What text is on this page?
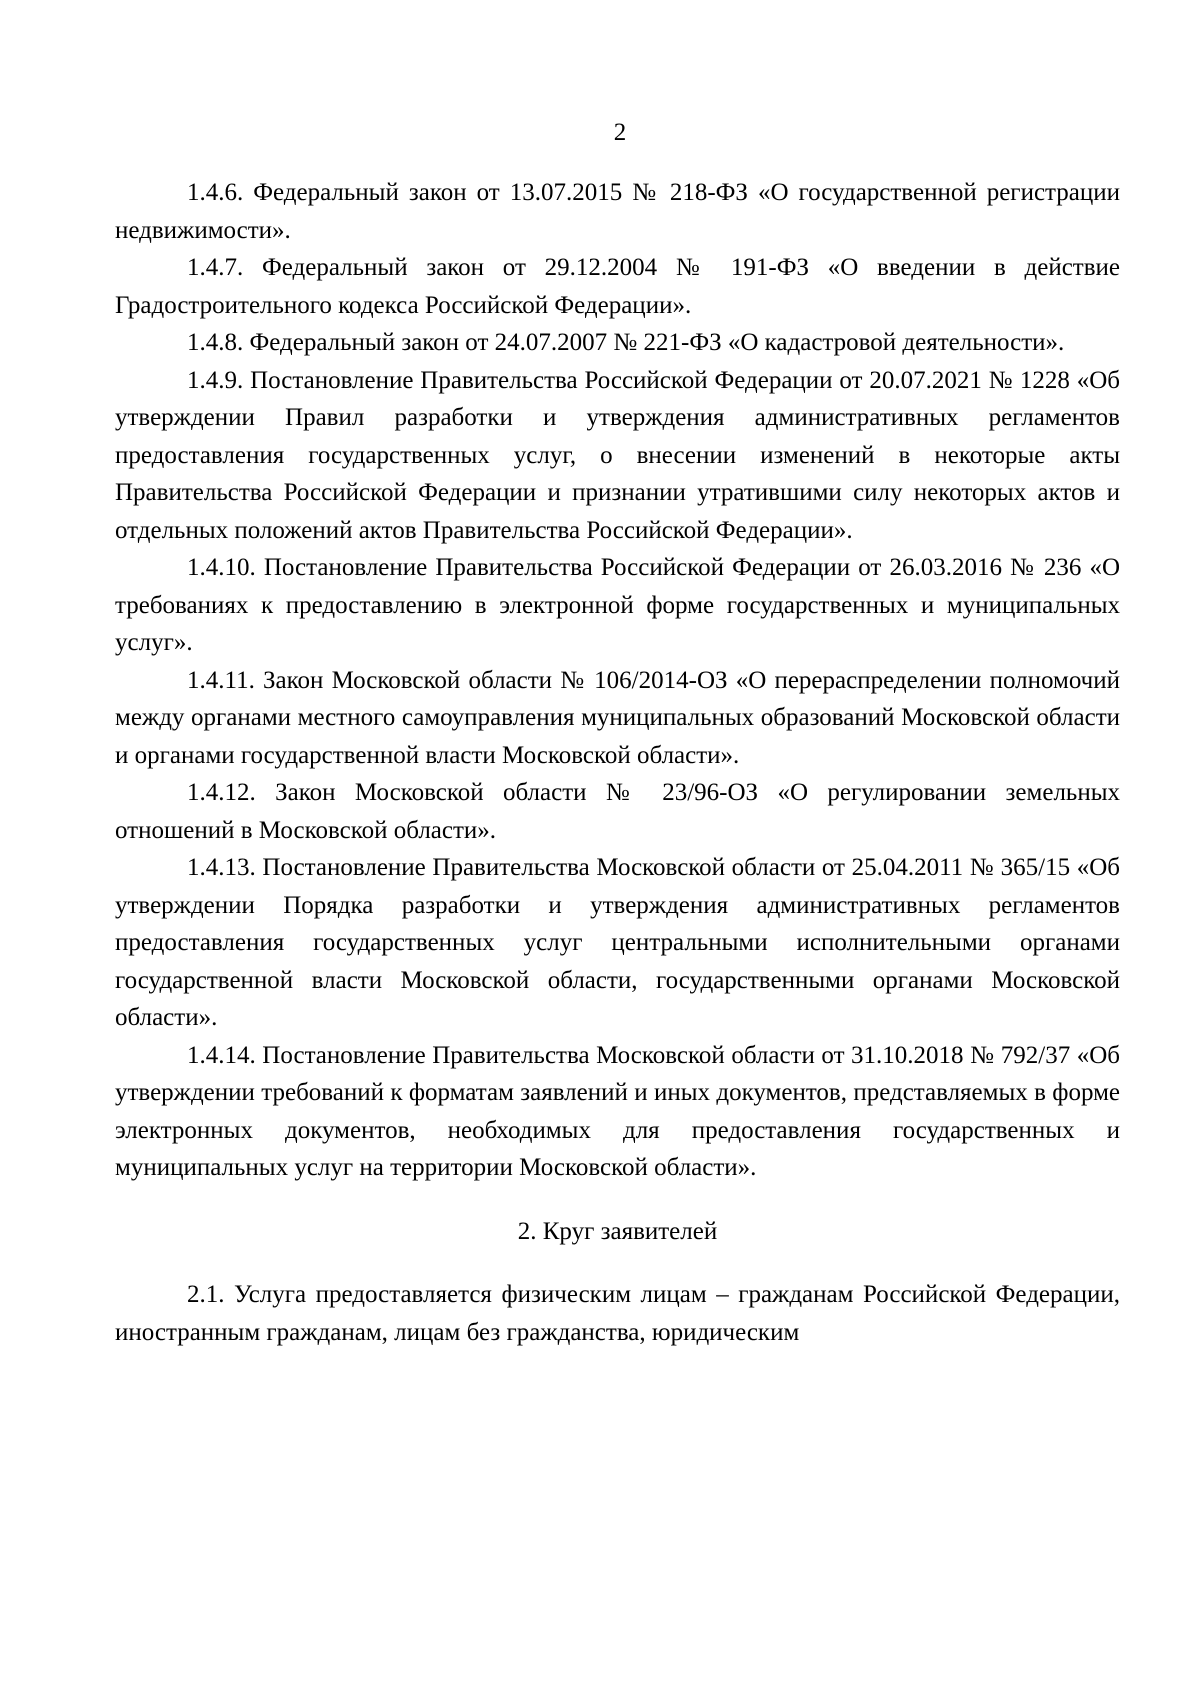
2

1.4.6. Федеральный закон от 13.07.2015 № 218-ФЗ «О государственной регистрации недвижимости».

1.4.7. Федеральный закон от 29.12.2004 № 191-ФЗ «О введении в действие Градостроительного кодекса Российской Федерации».

1.4.8. Федеральный закон от 24.07.2007 № 221-ФЗ «О кадастровой деятельности».

1.4.9. Постановление Правительства Российской Федерации от 20.07.2021 № 1228 «Об утверждении Правил разработки и утверждения административных регламентов предоставления государственных услуг, о внесении изменений в некоторые акты Правительства Российской Федерации и признании утратившими силу некоторых актов и отдельных положений актов Правительства Российской Федерации».

1.4.10. Постановление Правительства Российской Федерации от 26.03.2016 № 236 «О требованиях к предоставлению в электронной форме государственных и муниципальных услуг».

1.4.11. Закон Московской области № 106/2014-ОЗ «О перераспределении полномочий между органами местного самоуправления муниципальных образований Московской области и органами государственной власти Московской области».

1.4.12. Закон Московской области № 23/96-ОЗ «О регулировании земельных отношений в Московской области».

1.4.13. Постановление Правительства Московской области от 25.04.2011 № 365/15 «Об утверждении Порядка разработки и утверждения административных регламентов предоставления государственных услуг центральными исполнительными органами государственной власти Московской области, государственными органами Московской области».

1.4.14. Постановление Правительства Московской области от 31.10.2018 № 792/37 «Об утверждении требований к форматам заявлений и иных документов, представляемых в форме электронных документов, необходимых для предоставления государственных и муниципальных услуг на территории Московской области».

2. Круг заявителей

2.1. Услуга предоставляется физическим лицам – гражданам Российской Федерации, иностранным гражданам, лицам без гражданства, юридическим
